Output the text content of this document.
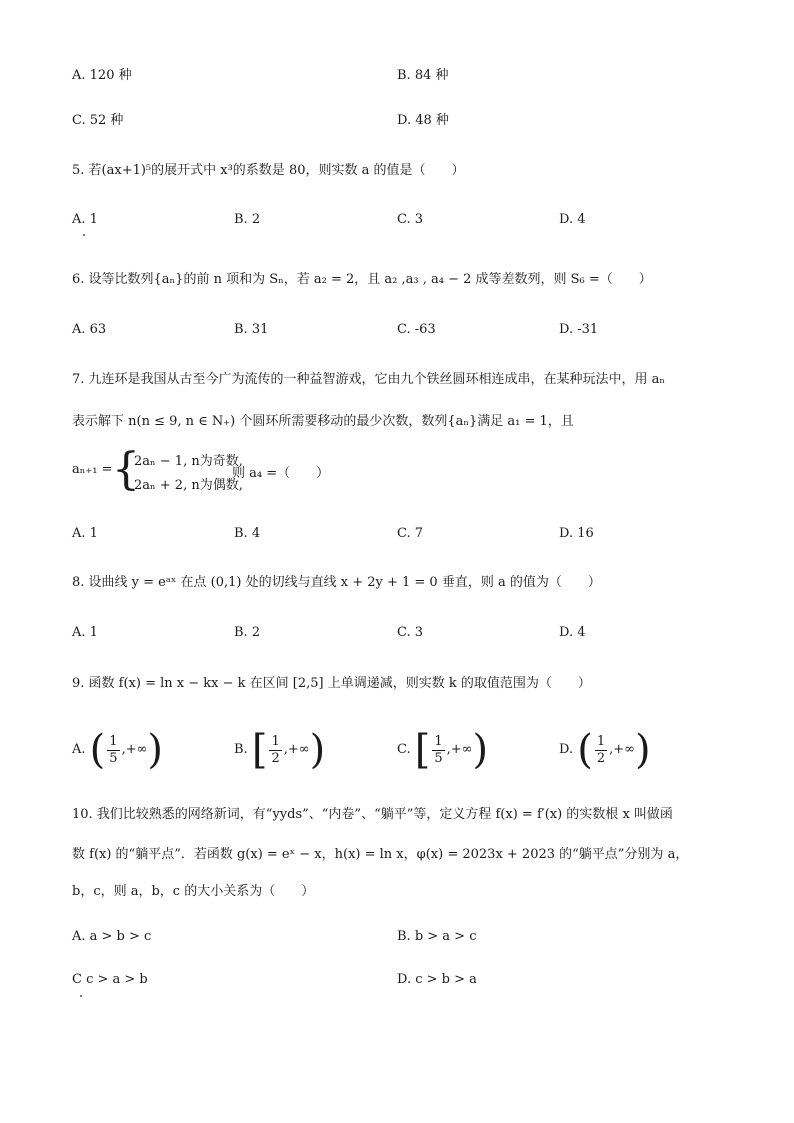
A. 120 种	B. 84 种
C. 52 种	D. 48 种
5. 若(ax+1)⁵的展开式中 x³的系数是 80，则实数 a 的值是（　　）
A. 1	B. 2	C. 3	D. 4
6. 设等比数列{aₙ}的前 n 项和为 Sₙ，若 a₂ = 2，且 a₂ ,a₃ , a₄ − 2 成等差数列，则 S₆ =（　　）
A. 63	B. 31	C. -63	D. -31
7. 九连环是我国从古至今广为流传的一种益智游戏，它由九个铁丝圆环相连成串，在某种玩法中，用 aₙ
表示解下 n(n ≤ 9, n ∈ N₊) 个圆环所需要移动的最少次数，数列{aₙ}满足 a₁ = 1，且
aₙ₊₁ = {
2aₙ − 1, n为奇数,
2aₙ + 2, n为偶数,
则 a₄ =（　　）
A. 1	B. 4	C. 7	D. 16
8. 设曲线 y = eᵃˣ 在点 (0,1) 处的切线与直线 x + 2y + 1 = 0 垂直，则 a 的值为（　　）
A. 1	B. 2	C. 3	D. 4
9. 函数 f(x) = ln x − kx − k 在区间 [2,5] 上单调递减，则实数 k 的取值范围为（　　）
A. ( $\frac{1}{5}$ ,+∞)	B. [ $\frac{1}{2}$ ,+∞)	C. [ $\frac{1}{5}$ ,+∞)	D. ( $\frac{1}{2}$ ,+∞)
10. 我们比较熟悉的网络新词，有“yyds”、“内卷”、“躺平”等，定义方程 f(x) = f′(x) 的实数根 x 叫做函
数 f(x) 的“躺平点”．若函数 g(x) = eˣ − x，h(x) = ln x，φ(x) = 2023x + 2023 的“躺平点”分别为 a，
b，c，则 a，b，c 的大小关系为（　　）
A. a > b > c	B. b > a > c
C c > a > b	D. c > b > a
